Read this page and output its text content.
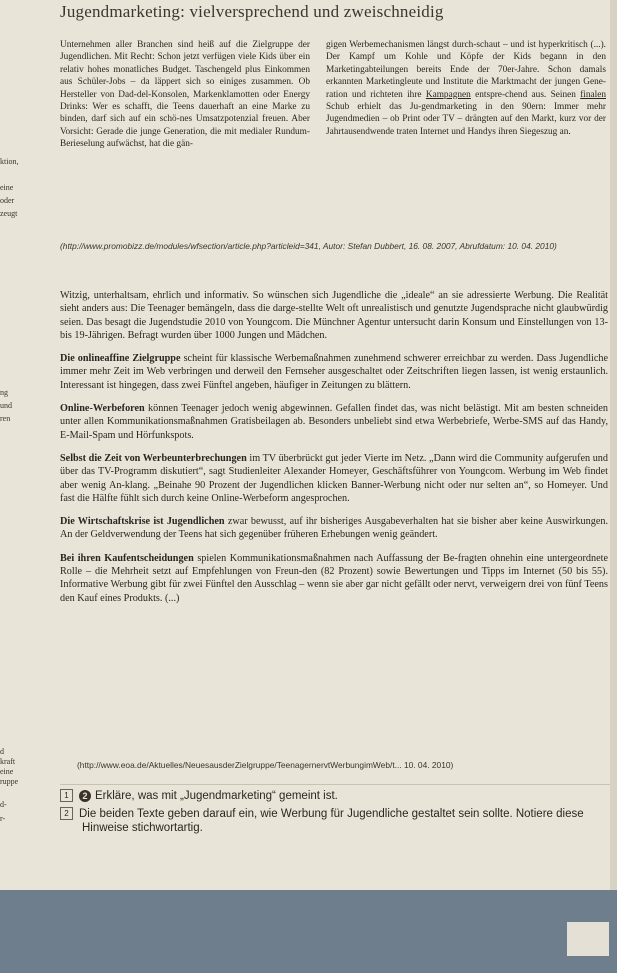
ktion,
eine
oder
zeugt
ng
und
ren
d
kraft
eine
ruppe
d-
r-
Jugendmarketing: vielversprechend und zweischneidig

Unternehmen aller Branchen sind heiß auf die Zielgruppe der Jugendlichen. Mit Recht: Schon jetzt verfügen viele Kids über ein relativ hohes monatliches Budget. Taschengeld plus Einkommen aus Schüler-Jobs – da läppert sich so einiges zusammen. Ob Hersteller von Dad-del-Konsolen, Markenklamotten oder Energy Drinks: Wer es schafft, die Teens dauerhaft an eine Marke zu binden, darf sich auf ein schö-nes Umsatzpotenzial freuen. Aber Vorsicht: Gerade die junge Generation, die mit medialer Rundum-Berieselung aufwächst, hat die gän-

gigen Werbemechanismen längst durch-schaut – und ist hyperkritisch (...). Der Kampf um Kohle und Köpfe der Kids begann in den Marketingabteilungen bereits Ende der 70er-Jahre. Schon damals erkannten Marketingleute und Institute die Marktmacht der jungen Gene-ration und richteten ihre Kampagnen entspre-chend aus. Seinen finalen Schub erhielt das Ju-gendmarketing in den 90ern: Immer mehr Jugendmedien – ob Print oder TV – drängten auf den Markt, kurz vor der Jahrtausendwende traten Internet und Handys ihren Siegeszug an.

(http://www.promobizz.de/modules/wfsection/article.php?articleid=341, Autor: Stefan Dubbert, 16. 08. 2007, Abrufdatum: 10. 04. 2010)

Witzig, unterhaltsam, ehrlich und informativ. So wünschen sich Jugendliche die „ideale“ an sie adressierte Werbung. Die Realität sieht anders aus: Die Teenager bemängeln, dass die darge-stellte Welt oft unrealistisch und genutzte Jugendsprache nicht glaubwürdig seien. Das besagt die Jugendstudie 2010 von Youngcom. Die Münchner Agentur untersucht darin Konsum und Einstellungen von 13- bis 19-Jährigen. Befragt wurden über 1000 Jungen und Mädchen.

Die onlineaffine Zielgruppe scheint für klassische Werbemaßnahmen zunehmend schwerer erreichbar zu werden. Dass Jugendliche immer mehr Zeit im Web verbringen und derweil den Fernseher ausgeschaltet oder Zeitschriften liegen lassen, ist wenig erstaunlich. Interessant ist hingegen, dass zwei Fünftel angeben, häufiger in Zeitungen zu blättern.

Online-Werbeforen können Teenager jedoch wenig abgewinnen. Gefallen findet das, was nicht belästigt. Mit am besten schneiden unter allen Kommunikationsmaßnahmen Gratisbeilagen ab. Besonders unbeliebt sind etwa Werbebriefe, Werbe-SMS auf das Handy, E-Mail-Spam und Hörfunkspots.

Selbst die Zeit von Werbeunterbrechungen im TV überbrückt gut jeder Vierte im Netz. „Dann wird die Community aufgerufen und über das TV-Programm diskutiert“, sagt Studienleiter Alexander Homeyer, Geschäftsführer von Youngcom. Werbung im Web findet aber wenig An-klang. „Beinahe 90 Prozent der Jugendlichen klicken Banner-Werbung nicht oder nur selten an“, so Homeyer. Und fast die Hälfte fühlt sich durch keine Online-Werbeform angesprochen.

Die Wirtschaftskrise ist Jugendlichen zwar bewusst, auf ihr bisheriges Ausgabeverhalten hat sie bisher aber keine Auswirkungen. An der Geldverwendung der Teens hat sich gegenüber früheren Erhebungen wenig geändert.

Bei ihren Kaufentscheidungen spielen Kommunikationsmaßnahmen nach Auffassung der Be-fragten ohnehin eine untergeordnete Rolle – die Mehrheit setzt auf Empfehlungen von Freun-den (82 Prozent) sowie Bewertungen und Tipps im Internet (50 bis 55). Informative Werbung gibt für zwei Fünftel den Ausschlag – wenn sie aber gar nicht gefällt oder nervt, verweigern drei von fünf Teens den Kauf eines Produkts. (...)

(http://www.eoa.de/Aktuelles/NeuesausderZielgruppe/TeenagernervtWerbungimWeb/t... 10. 04. 2010)
1 2 Erkläre, was mit „Jugendmarketing“ gemeint ist.
2 Die beiden Texte geben darauf ein, wie Werbung für Jugendliche gestaltet sein sollte. Notiere diese Hinweise stichwortartig.
